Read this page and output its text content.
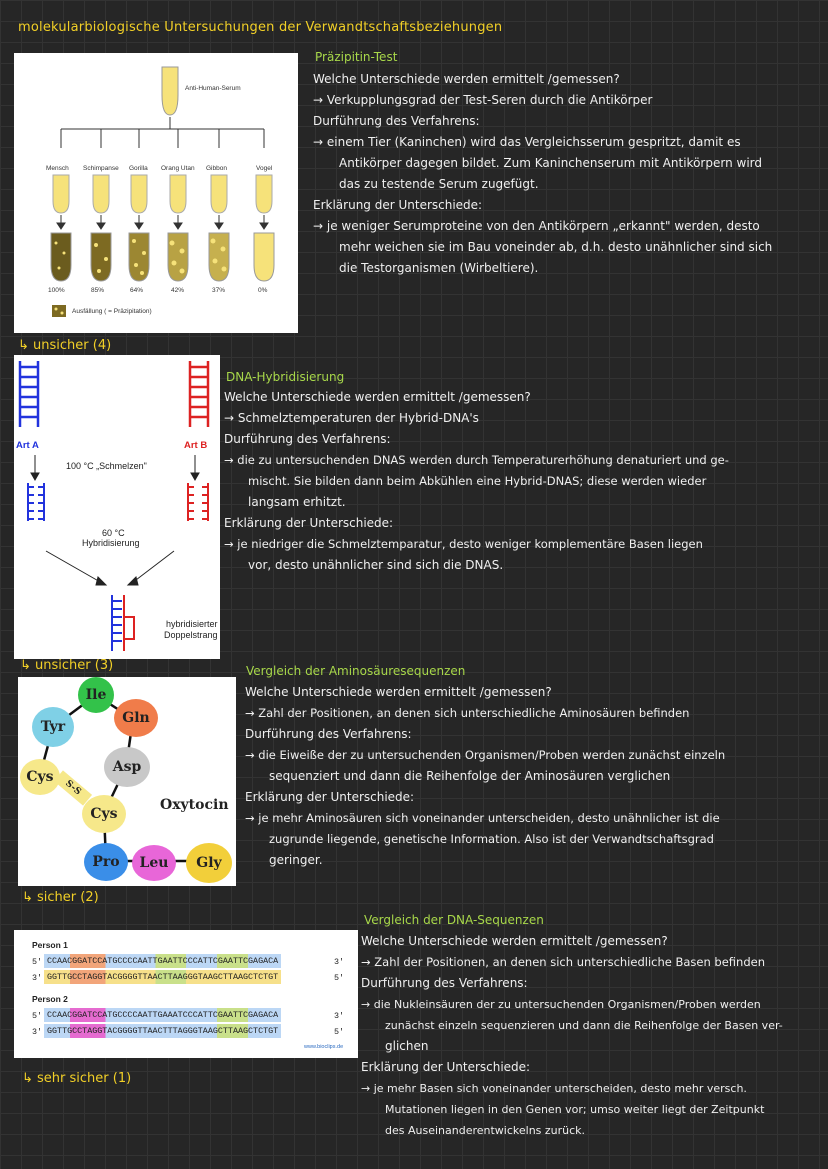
molekularbiologische Untersuchungen der Verwandtschaftsbeziehungen
Anti-Human-Serum
Mensch Schimpanse Gorilla Orang Utan Gibbon	Vogel
100%	85%	64%	42%	37%	0%
Ausfällung ( = Präzipitation)
↳ unsicher (4)
Präzipitin-Test
Welche Unterschiede werden ermittelt /gemessen?
→ Verkupplungsgrad der Test-Seren durch die Antikörper
Durführung des Verfahrens:
→ einem Tier (Kaninchen) wird das Vergleichsserum gespritzt, damit es
Antikörper dagegen bildet. Zum Kaninchenserum mit Antikörpern wird
das zu testende Serum zugefügt.
Erklärung der Unterschiede:
→ je weniger Serumproteine von den Antikörpern „erkannt" werden, desto
mehr weichen sie im Bau voneinder ab, d.h. desto unähnlicher sind sich
die Testorganismen (Wirbeltiere).
Art A	Art B
100 °C „Schmelzen"
60 °C
Hybridisierung
hybridisierter
Doppelstrang
↳ unsicher (3)
DNA-Hybridisierung
Welche Unterschiede werden ermittelt /gemessen?
→ Schmelztemperaturen der Hybrid-DNA's
Durführung des Verfahrens:
→ die zu untersuchenden DNAS werden durch Temperaturerhöhung denaturiert und ge-
mischt. Sie bilden dann beim Abkühlen eine Hybrid-DNAS; diese werden wieder
langsam erhitzt.
Erklärung der Unterschiede:
→ je niedriger die Schmelztemparatur, desto weniger komplementäre Basen liegen
vor, desto unähnlicher sind sich die DNAS.
Ile
Gln
Tyr
Asp
Cys
S-S
Cys
Oxytocin
Pro	Leu	Gly
↳ sicher (2)
Vergleich der Aminosäuresequenzen
Welche Unterschiede werden ermittelt /gemessen?
→ Zahl der Positionen, an denen sich unterschiedliche Aminosäuren befinden
Durführung des Verfahrens:
→ die Eiweiße der zu untersuchenden Organismen/Proben werden zunächst einzeln
sequenziert und dann die Reihenfolge der Aminosäuren verglichen
Erklärung der Unterschiede:
→ je mehr Aminosäuren sich voneinander unterscheiden, desto unähnlicher ist die
zugrunde liegende, genetische Information. Also ist der Verwandtschaftsgrad
geringer.
Person 1
Person 2
5' CCAACGGATCCATGCCCCAATTGAATTCCCATTCGAATTCGAGACA	3'
3' GGTTGCCTAGGTACGGGGTTAACTTAAGGGTAAGCTTAAGCTCTGT	5'
5' CCAACGGATCCATGCCCCAATTGAAATCCCATTCGAATTCGAGACA	3'
3' GGTTGCCTAGGTACGGGGTTAACTTTAGGGTAAGCTTAAGCTCTGT	5'
www.bioclips.de
↳ sehr sicher (1)
Vergleich der DNA-Sequenzen
Welche Unterschiede werden ermittelt /gemessen?
→ Zahl der Positionen, an denen sich unterschiedliche Basen befinden
Durführung des Verfahrens:
→ die Nukleinsäuren der zu untersuchenden Organismen/Proben werden
zunächst einzeln sequenzieren und dann die Reihenfolge der Basen ver-
glichen
Erklärung der Unterschiede:
→ je mehr Basen sich voneinander unterscheiden, desto mehr versch.
Mutationen liegen in den Genen vor; umso weiter liegt der Zeitpunkt
des Auseinanderentwickelns zurück.
